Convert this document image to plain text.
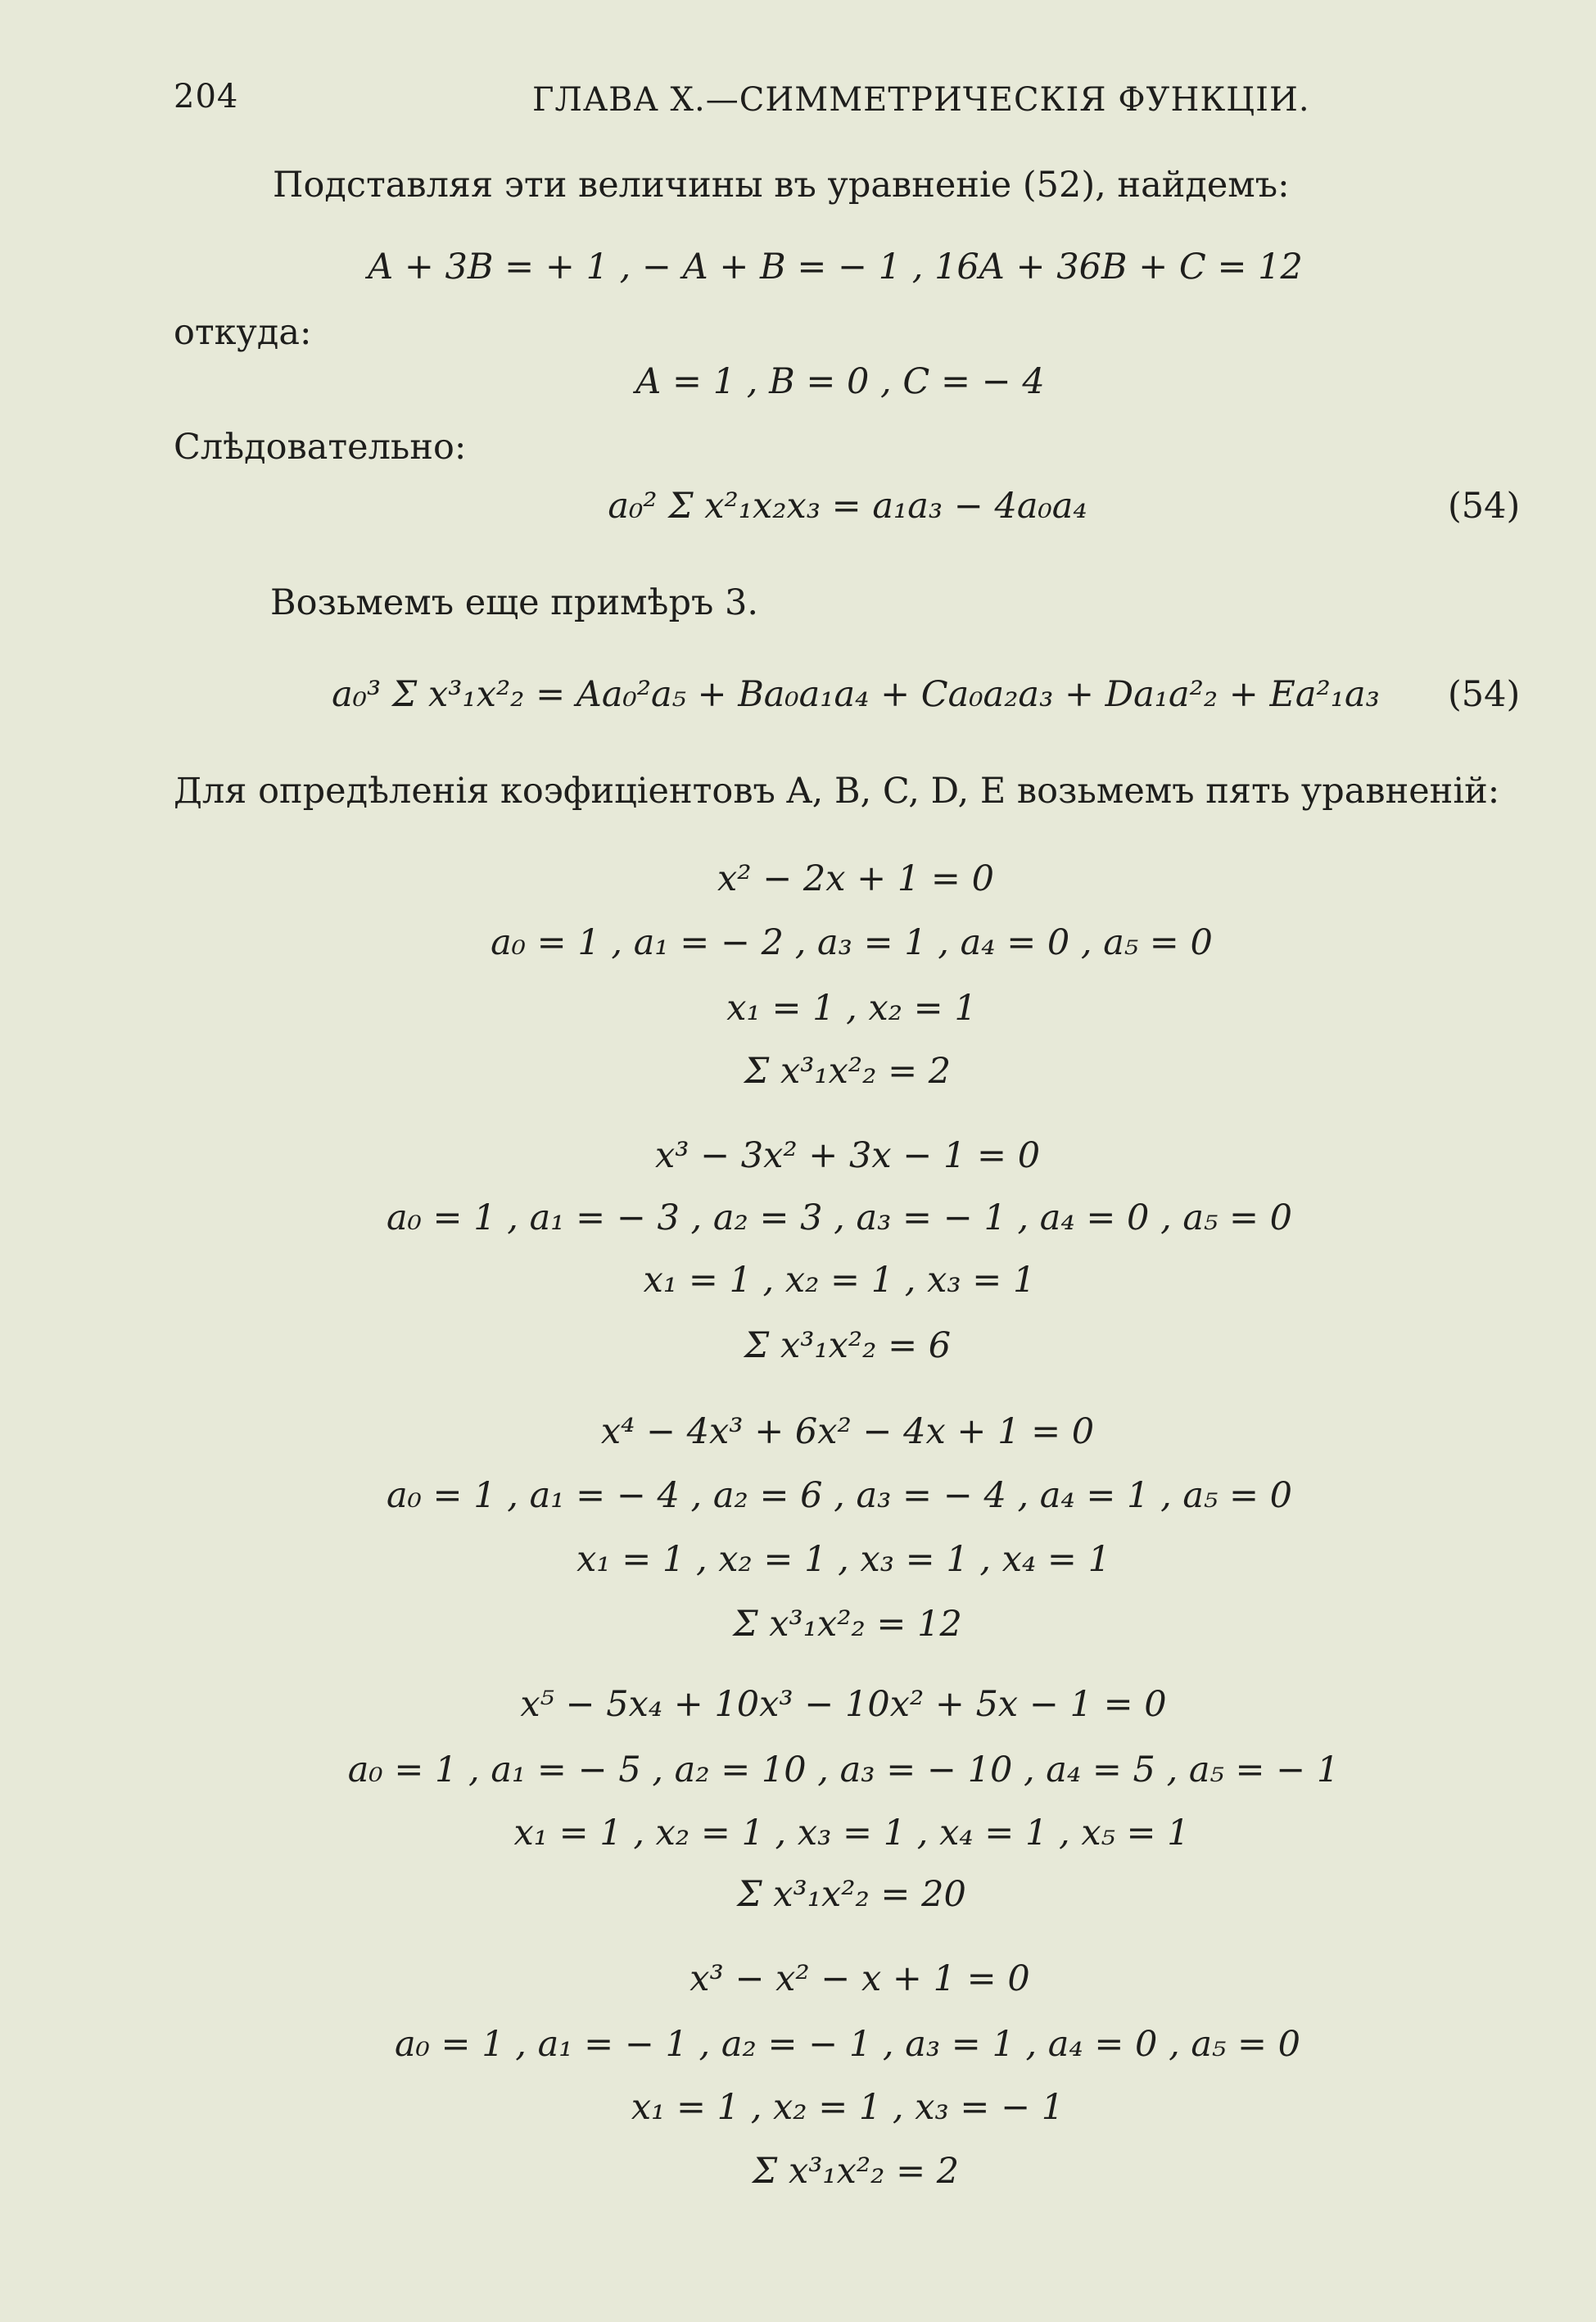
204	ГЛАВА X.—СИММЕТРИЧЕСКІЯ ФУНКЦІИ.
Подставляя эти величины въ уравненіе (52), найдемъ:
A + 3B = + 1 , − A + B = − 1 , 16A + 36B + C = 12
откуда:
A = 1 , B = 0 , C = − 4
Слѣдовательно:
a₀² Σ x²₁x₂x₃ = a₁a₃ − 4a₀a₄	(54)
Возьмемъ еще примѣръ 3.
a₀³ Σ x³₁x²₂ = Aa₀²a₅ + Ba₀a₁a₄ + Ca₀a₂a₃ + Da₁a²₂ + Ea²₁a₃ (54)
Для опредѣленія коэфиціентовъ A, B, C, D, E возьмемъ пять уравненій:
x² − 2x + 1 = 0
a₀ = 1 , a₁ = − 2 , a₃ = 1 , a₄ = 0 , a₅ = 0
x₁ = 1 , x₂ = 1
Σ x³₁x²₂ = 2
x³ − 3x² + 3x − 1 = 0
a₀ = 1 , a₁ = − 3 , a₂ = 3 , a₃ = − 1 , a₄ = 0 , a₅ = 0
x₁ = 1 , x₂ = 1 , x₃ = 1
Σ x³₁x²₂ = 6
x⁴ − 4x³ + 6x² − 4x + 1 = 0
a₀ = 1 , a₁ = − 4 , a₂ = 6 , a₃ = − 4 , a₄ = 1 , a₅ = 0
x₁ = 1 , x₂ = 1 , x₃ = 1 , x₄ = 1
Σ x³₁x²₂ = 12
x⁵ − 5x₄ + 10x³ − 10x² + 5x − 1 = 0
a₀ = 1 , a₁ = − 5 , a₂ = 10 , a₃ = − 10 , a₄ = 5 , a₅ = − 1
x₁ = 1 , x₂ = 1 , x₃ = 1 , x₄ = 1 , x₅ = 1
Σ x³₁x²₂ = 20
x³ − x² − x + 1 = 0
a₀ = 1 , a₁ = − 1 , a₂ = − 1 , a₃ = 1 , a₄ = 0 , a₅ = 0
x₁ = 1 , x₂ = 1 , x₃ = − 1
Σ x³₁x²₂ = 2
